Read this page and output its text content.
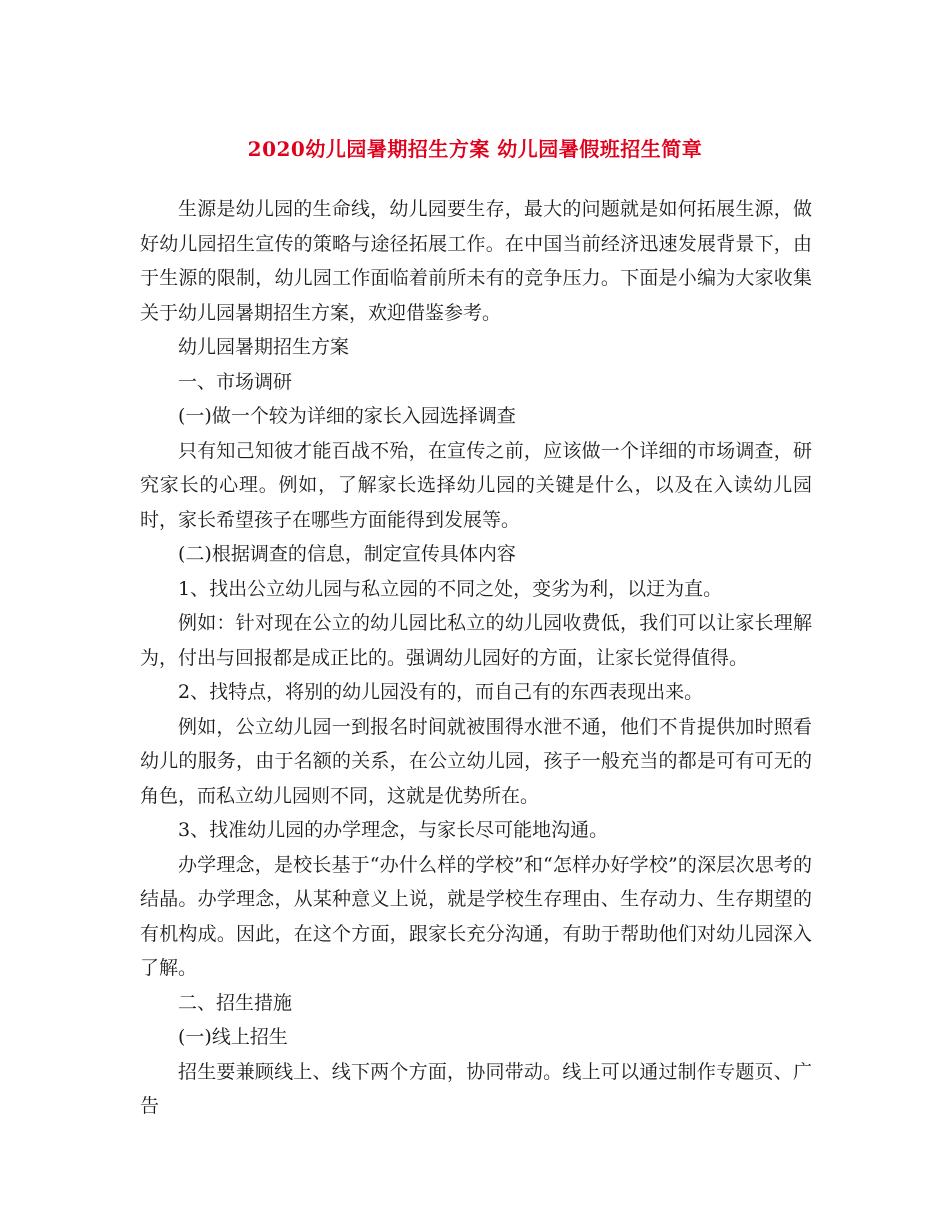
2020幼儿园暑期招生方案 幼儿园暑假班招生简章

生源是幼儿园的生命线，幼儿园要生存，最大的问题就是如何拓展生源，做好幼儿园招生宣传的策略与途径拓展工作。在中国当前经济迅速发展背景下，由于生源的限制，幼儿园工作面临着前所未有的竞争压力。下面是小编为大家收集关于幼儿园暑期招生方案，欢迎借鉴参考。

幼儿园暑期招生方案

一、市场调研

(一)做一个较为详细的家长入园选择调查

只有知己知彼才能百战不殆，在宣传之前，应该做一个详细的市场调查，研究家长的心理。例如，了解家长选择幼儿园的关键是什么，以及在入读幼儿园时，家长希望孩子在哪些方面能得到发展等。

(二)根据调查的信息，制定宣传具体内容

1、找出公立幼儿园与私立园的不同之处，变劣为利，以迂为直。

例如：针对现在公立的幼儿园比私立的幼儿园收费低，我们可以让家长理解为，付出与回报都是成正比的。强调幼儿园好的方面，让家长觉得值得。

2、找特点，将别的幼儿园没有的，而自己有的东西表现出来。

例如，公立幼儿园一到报名时间就被围得水泄不通，他们不肯提供加时照看幼儿的服务，由于名额的关系，在公立幼儿园，孩子一般充当的都是可有可无的角色，而私立幼儿园则不同，这就是优势所在。

3、找准幼儿园的办学理念，与家长尽可能地沟通。

办学理念，是校长基于“办什么样的学校”和“怎样办好学校”的深层次思考的结晶。办学理念，从某种意义上说，就是学校生存理由、生存动力、生存期望的有机构成。因此，在这个方面，跟家长充分沟通，有助于帮助他们对幼儿园深入了解。

二、招生措施

(一)线上招生

招生要兼顾线上、线下两个方面，协同带动。线上可以通过制作专题页、广告
